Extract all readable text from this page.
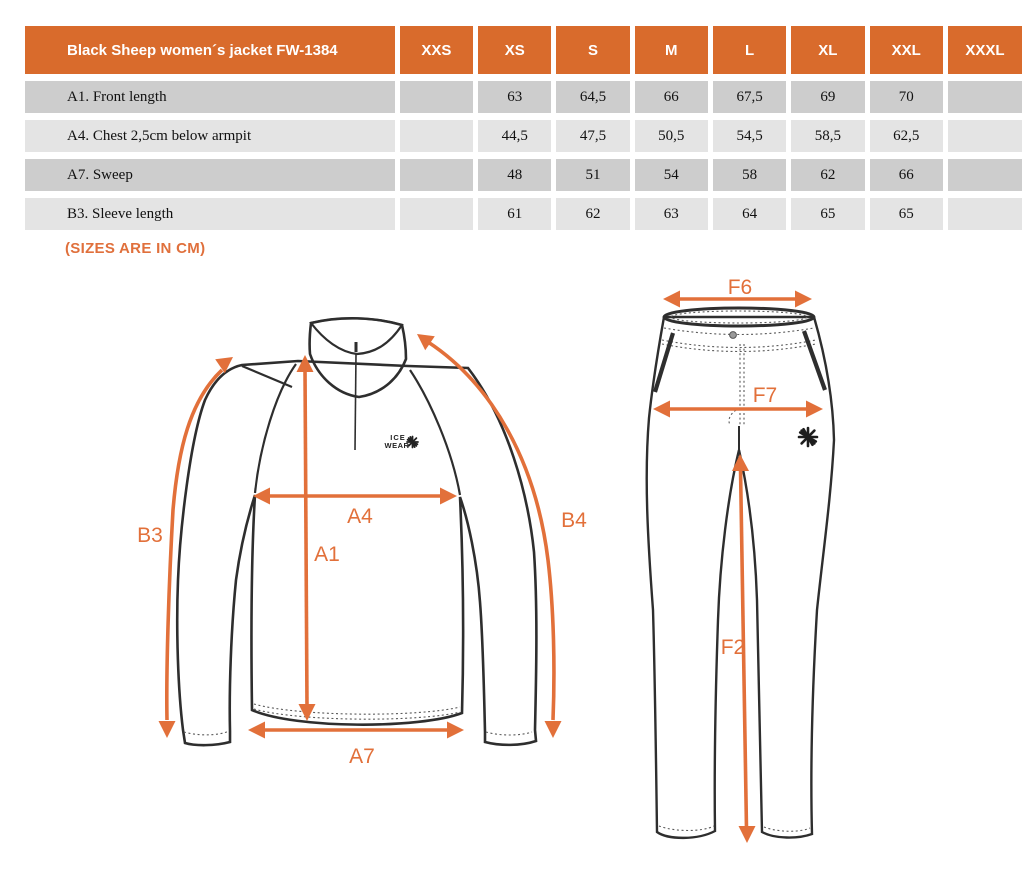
Black Sheep women´s jacket FW-1384	XXS	XS	S	M	L	XL	XXL	XXXL
A1. Front length		63	64,5	66	67,5	69	70	
A4. Chest 2,5cm below armpit		44,5	47,5	50,5	54,5	58,5	62,5	
A7. Sweep		48	51	54	58	62	66	
B3. Sleeve length		61	62	63	64	65	65	
(SIZES ARE IN CM)
ICE
WEAR
B3
A4
A1
B4
A7
F6
F7
F2
